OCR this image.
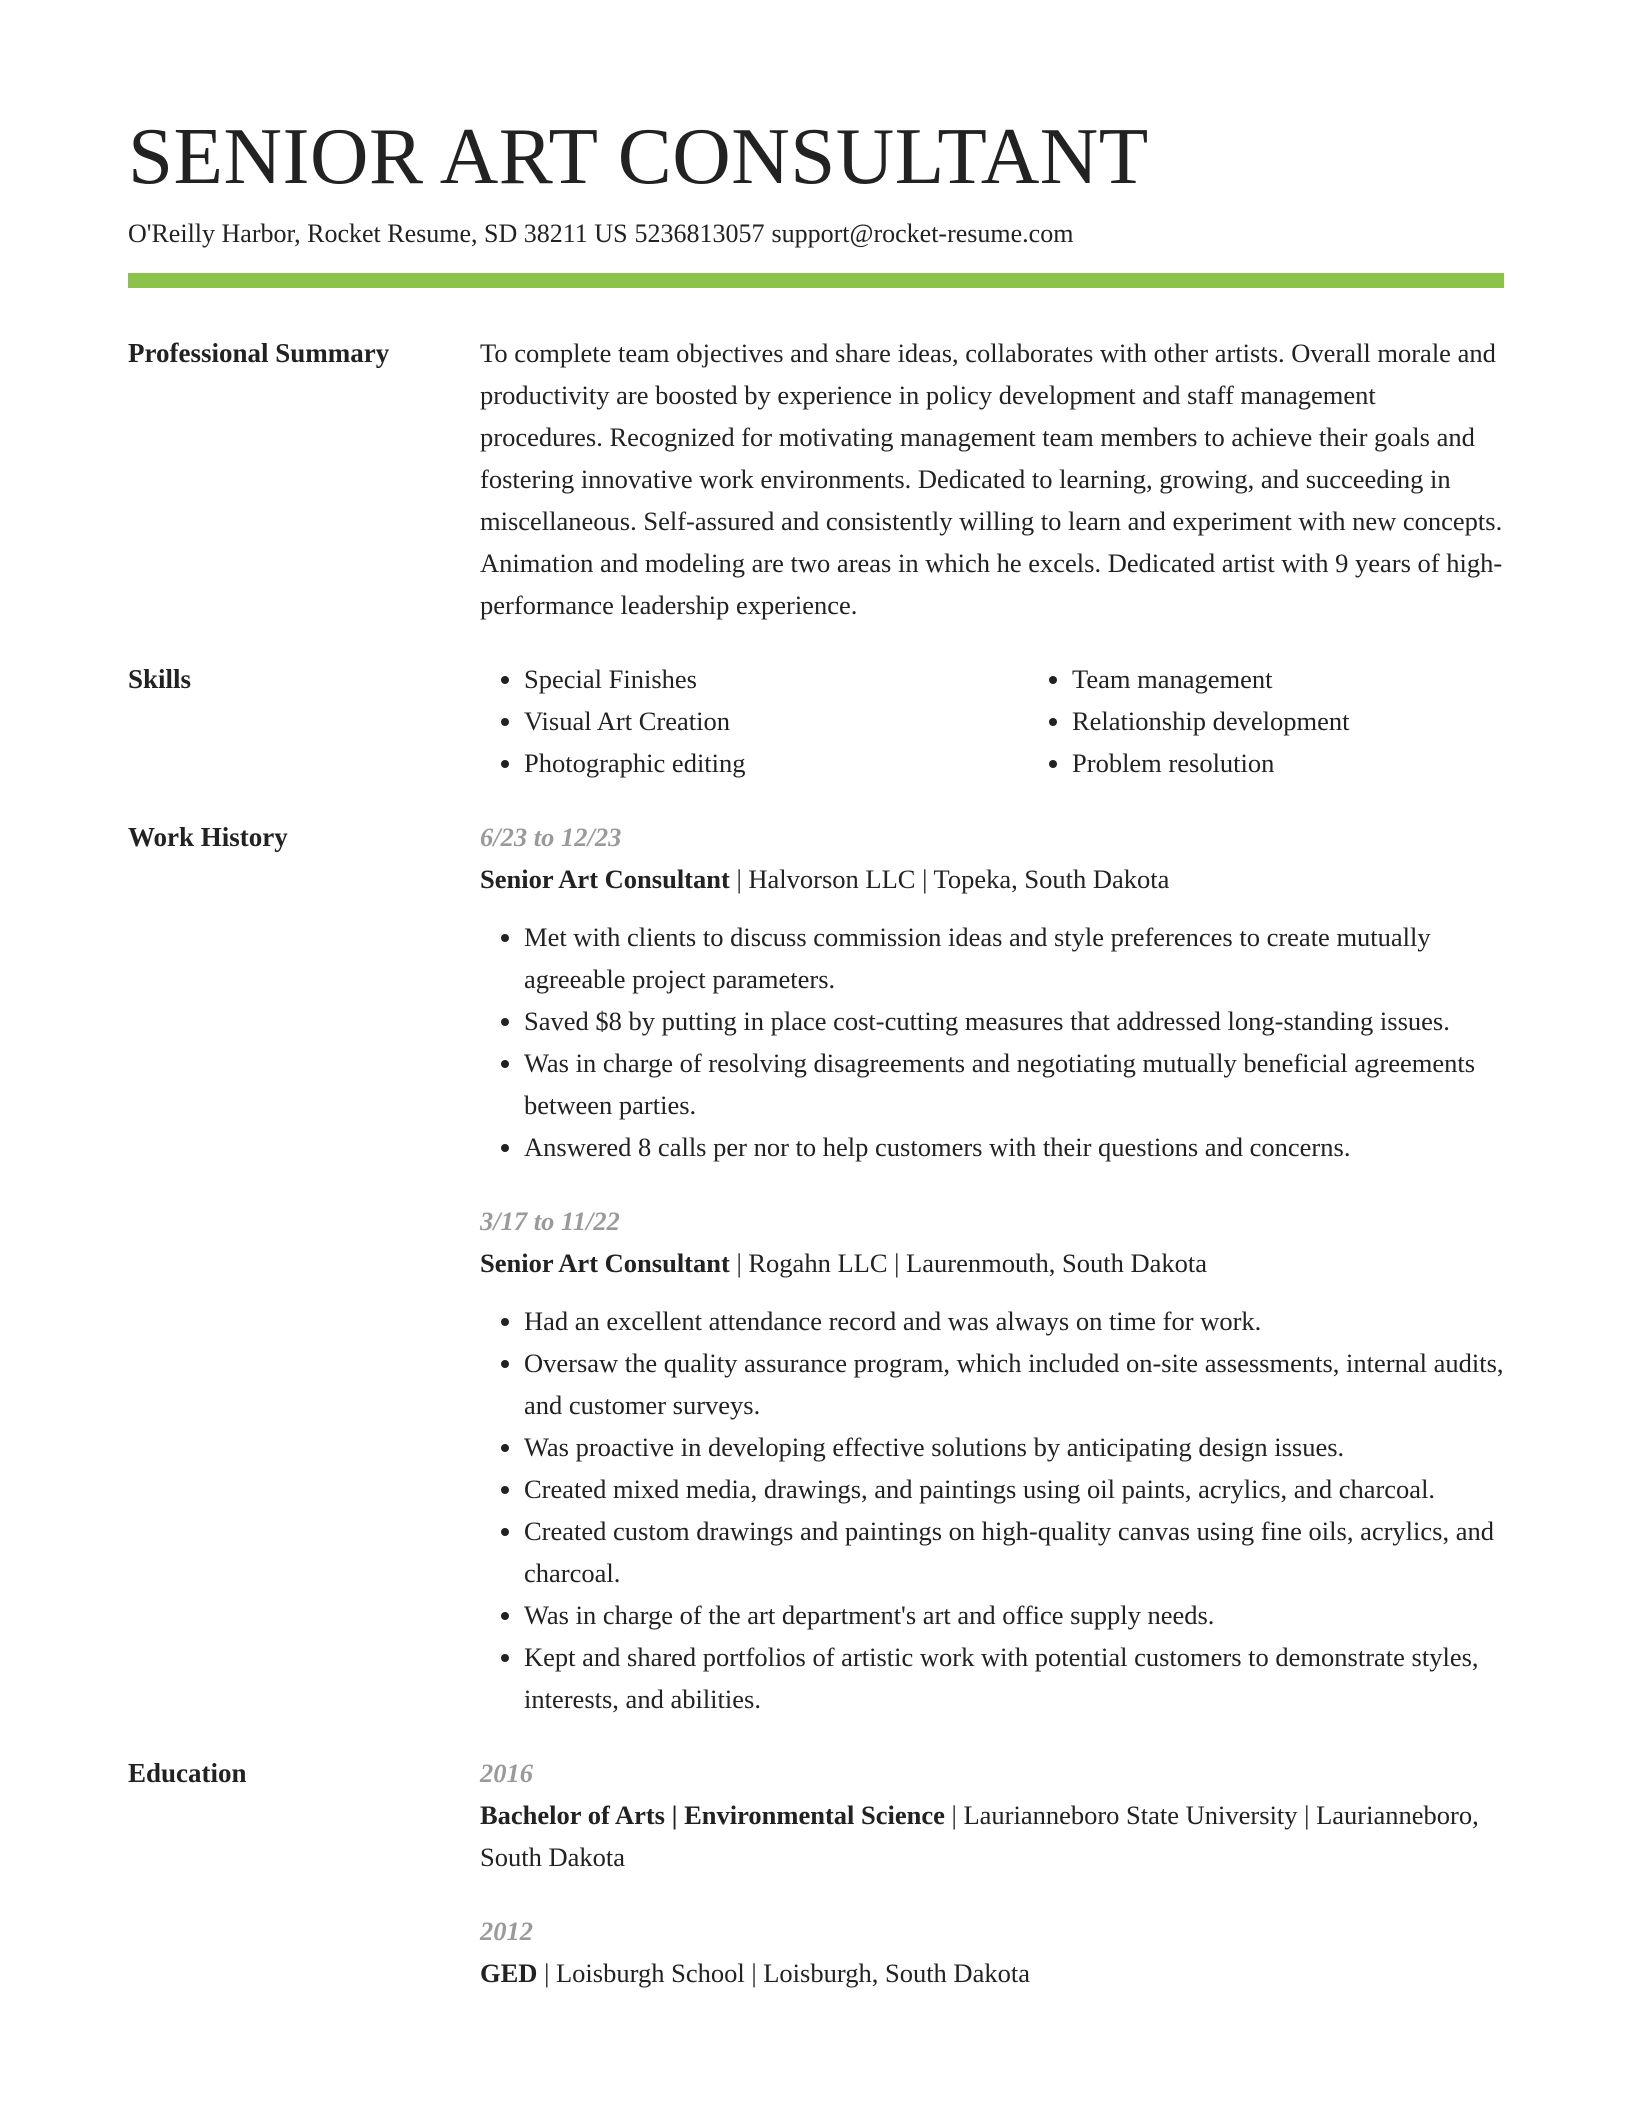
SENIOR ART CONSULTANT
O'Reilly Harbor, Rocket Resume, SD 38211 US 5236813057 support@rocket-resume.com
Professional Summary	To complete team objectives and share ideas, collaborates with other artists. Overall morale and productivity are boosted by experience in policy development and staff management procedures. Recognized for motivating management team members to achieve their goals and fostering innovative work environments. Dedicated to learning, growing, and succeeding in miscellaneous. Self-assured and consistently willing to learn and experiment with new concepts. Animation and modeling are two areas in which he excels. Dedicated artist with 9 years of high-performance leadership experience.

Skills
•	Special Finishes
• Visual Art Creation
• Photographic editing
• Team management
• Relationship development
• Problem resolution
Work History	6/23 to 12/23
Senior Art Consultant | Halvorson LLC | Topeka, South Dakota
• Met with clients to discuss commission ideas and style preferences to create mutually agreeable project parameters.
• Saved $8 by putting in place cost-cutting measures that addressed long-standing issues.
• Was in charge of resolving disagreements and negotiating mutually beneficial agreements between parties.
• Answered 8 calls per nor to help customers with their questions and concerns.
3/17 to 11/22
Senior Art Consultant | Rogahn LLC | Laurenmouth, South Dakota
• Had an excellent attendance record and was always on time for work.
• Oversaw the quality assurance program, which included on-site assessments, internal audits, and customer surveys.
• Was proactive in developing effective solutions by anticipating design issues.
• Created mixed media, drawings, and paintings using oil paints, acrylics, and charcoal.
• Created custom drawings and paintings on high-quality canvas using fine oils, acrylics, and charcoal.
• Was in charge of the art department's art and office supply needs.
• Kept and shared portfolios of artistic work with potential customers to demonstrate styles, interests, and abilities.
Education	2016
Bachelor of Arts | Environmental Science | Laurianneboro State University | Laurianneboro, South Dakota
2012
GED | Loisburgh School | Loisburgh, South Dakota
